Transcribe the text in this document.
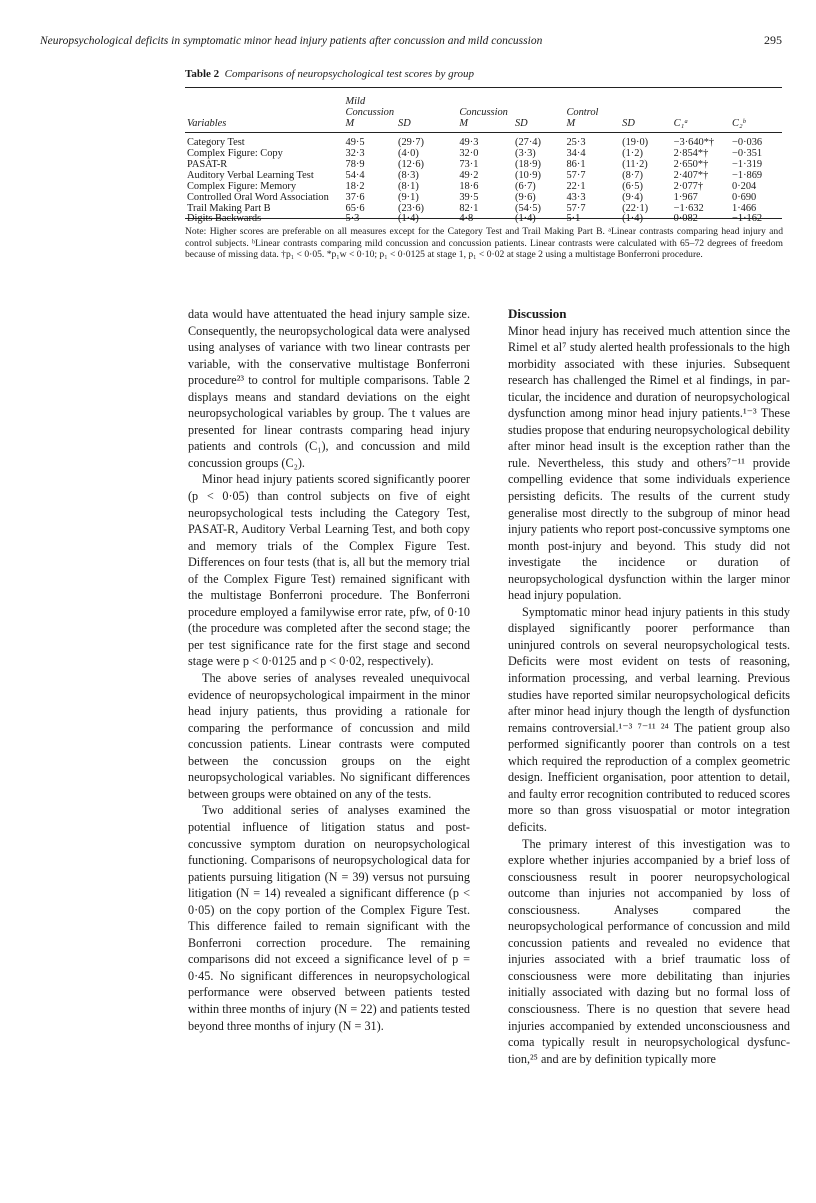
Neuropsychological deficits in symptomatic minor head injury patients after concussion and mild concussion	295
Table 2 Comparisons of neuropsychological test scores by group
Variables	Mild
Concussion
M	SD	Concussion
M	SD	Control
M	SD	C₁ᵃ	C₂ᵇ
Category Test	49·5	(29·7)	49·3	(27·4)	25·3	(19·0)	−3·640*†	−0·036
Complex Figure: Copy	32·3	(4·0)	32·0	(3·3)	34·4	(1·2)	2·854*†	−0·351
PASAT-R	78·9	(12·6)	73·1	(18·9)	86·1	(11·2)	2·650*†	−1·319
Auditory Verbal Learning Test	54·4	(8·3)	49·2	(10·9)	57·7	(8·7)	2·407*†	−1·869
Complex Figure: Memory	18·2	(8·1)	18·6	(6·7)	22·1	(6·5)	2·077†	0·204
Controlled Oral Word Association	37·6	(9·1)	39·5	(9·6)	43·3	(9·4)	1·967	0·690
Trail Making Part B	65·6	(23·6)	82·1	(54·5)	57·7	(22·1)	−1·632	1·466
Digits Backwards	5·3	(1·4)	4·8	(1·4)	5·1	(1·4)	0·082	−1·162
Note: Higher scores are preferable on all measures except for the Category Test and Trail Making Part B. ᵃLinear contrasts comparing head injury and control subjects. ᵇLinear contrasts comparing mild concussion and concussion patients. Linear contrasts were calculated with 65–72 degrees of freedom because of missing data. †p₁ < 0·05. *p₁w < 0·10; p₁ < 0·0125 at stage 1, p₁ < 0·02 at stage 2 using a multistage Bonferroni procedure.

data would have attentuated the head injury sample size. Consequently, the neuropsychological data were analysed using analyses of variance with two linear contrasts per variable, with the conservative multistage Bonferroni procedure²³ to control for multiple comparisons. Table 2 displays means and standard deviations on the eight neuropsychological variables by group. The t values are presented for linear contrasts comparing head injury patients and controls (C₁), and concussion and mild concussion groups (C₂).

Minor head injury patients scored significantly poorer (p < 0·05) than control subjects on five of eight neuropsychological tests including the Category Test, PASAT-R, Auditory Verbal Learning Test, and both copy and memory trials of the Complex Figure Test. Differences on four tests (that is, all but the memory trial of the Complex Figure Test) remained significant with the multistage Bonferroni procedure. The Bonferroni procedure employed a familywise error rate, pfw, of 0·10 (the procedure was completed after the second stage; the per test significance rate for the first stage and second stage were p < 0·0125 and p < 0·02, respectively).

The above series of analyses revealed unequivocal evidence of neuropsychological impairment in the minor head injury patients, thus providing a rationale for comparing the performance of concussion and mild concussion patients. Linear contrasts were computed between the concussion groups on the eight neuropsychological variables. No significant differences between groups were obtained on any of the tests.

Two additional series of analyses examined the potential influence of litigation status and post-concussive symptom duration on neuropsychological functioning. Comparisons of neuropsychological data for patients pursuing litigation (N = 39) versus not pursuing litigation (N = 14) revealed a significant difference (p < 0·05) on the copy portion of the Complex Figure Test. This difference failed to remain significant with the Bonferroni correction procedure. The remaining comparisons did not exceed a significance level of p = 0·45. No significant differences in neuropsychological performance were observed between patients tested within three months of injury (N = 22) and patients tested beyond three months of injury (N = 31).

Discussion

Minor head injury has received much attention since the Rimel et al⁷ study alerted health professionals to the high morbidity associated with these injuries. Subsequent research has challenged the Rimel et al findings, in particular, the incidence and duration of neuropsychological dysfunction among minor head injury patients.¹⁻³ These studies propose that enduring neuropsychological debility after minor head insult is the exception rather than the rule. Nevertheless, this study and others⁷⁻¹¹ provide compelling evidence that some individuals experience persisting deficits. The results of the current study generalise most directly to the subgroup of minor head injury patients who report post-concussive symptoms one month post-injury and beyond. This study did not investigate the incidence or duration of neuropsychological dysfunction within the larger minor head injury population.

Symptomatic minor head injury patients in this study displayed significantly poorer performance than uninjured controls on several neuropsychological tests. Deficits were most evident on tests of reasoning, information processing, and verbal learning. Previous studies have reported similar neuropsychological deficits after minor head injury though the length of dysfunction remains controversial.¹⁻³ ⁷⁻¹¹ ²⁴ The patient group also performed significantly poorer than controls on a test which required the reproduction of a complex geometric design. Inefficient organisation, poor attention to detail, and faulty error recognition contributed to reduced scores more so than gross visuospatial or motor integration deficits.

The primary interest of this investigation was to explore whether injuries accompanied by a brief loss of consciousness result in poorer neuropsychological outcome than injuries not accompanied by loss of consciousness. Analyses compared the neuropsychological performance of concussion and mild concussion patients and revealed no evidence that injuries associated with a brief traumatic loss of consciousness were more debilitating than injuries initially associated with dazing but no formal loss of consciousness. There is no question that severe head injuries accompanied by extended unconsciousness and coma typically result in neuropsychological dysfunction,²⁵ and are by definition typically more
